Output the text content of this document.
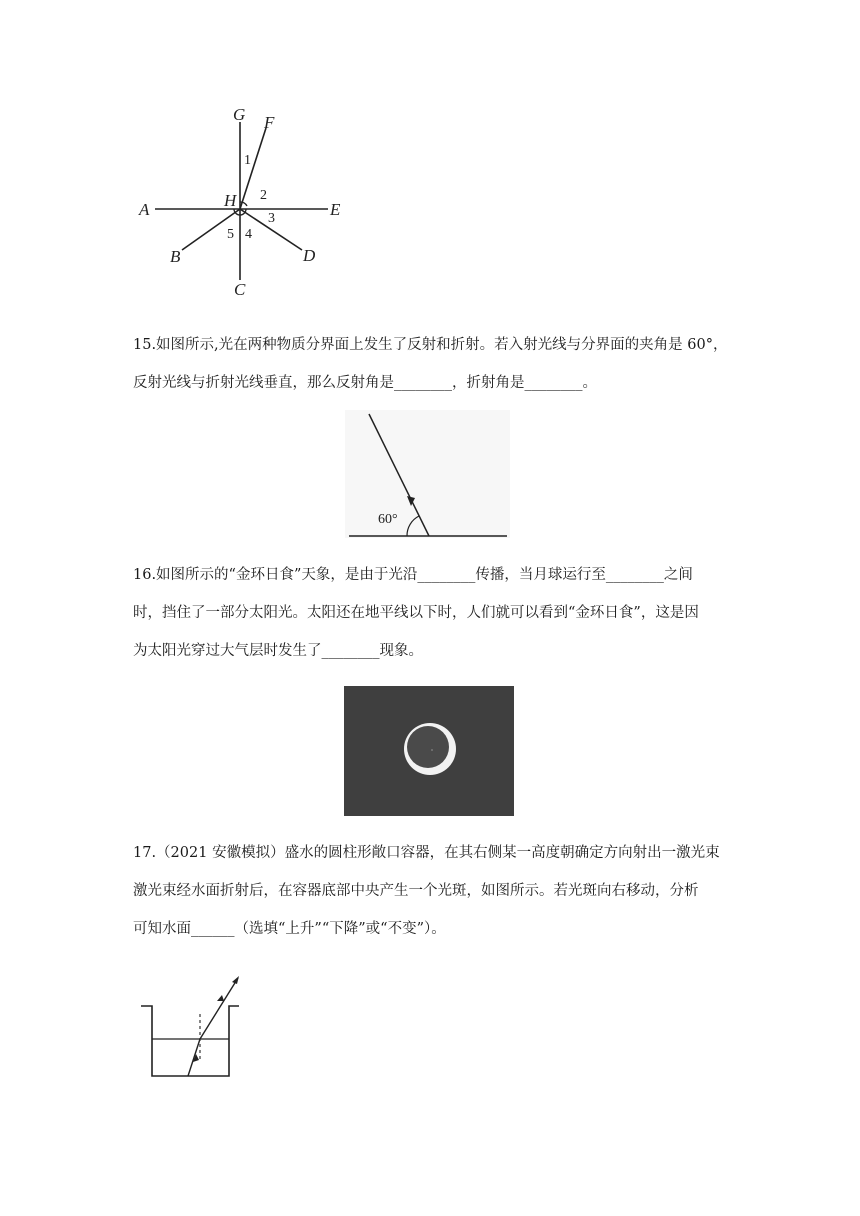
G F
A	H	E
B	D
C
1
2
3
4
5

15.如图所示,光在两种物质分界面上发生了反射和折射。若入射光线与分界面的夹角是 60°，
反射光线与折射光线垂直，那么反射角是________，折射角是________。

60°

16.如图所示的“金环日食”天象，是由于光沿________传播，当月球运行至________之间
时，挡住了一部分太阳光。太阳还在地平线以下时，人们就可以看到“金环日食”，这是因
为太阳光穿过大气层时发生了________现象。

17.（2021 安徽模拟）盛水的圆柱形敞口容器，在其右侧某一高度朝确定方向射出一激光束
激光束经水面折射后，在容器底部中央产生一个光斑，如图所示。若光斑向右移动，分析
可知水面______（选填“上升”“下降”或“不变”）。
